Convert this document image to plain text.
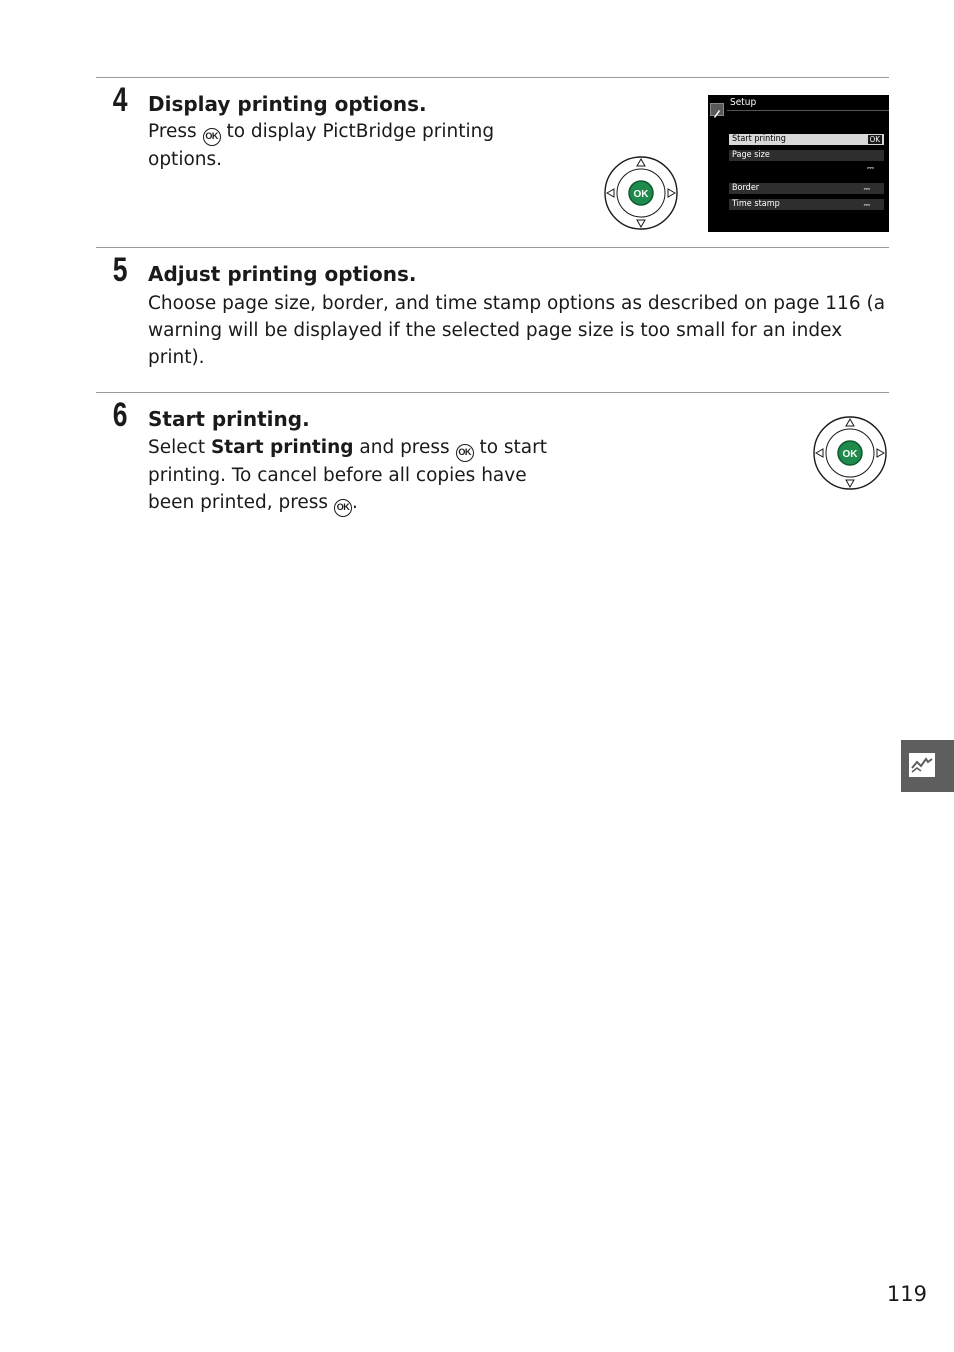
4 Display printing options.

Press OK to display PictBridge printing options.

OK
Setup
Start printing	OK
Page size
⎓
Border	⎓
Time stamp	⎓
5 Adjust printing options.

Choose page size, border, and time stamp options as described on page 116 (a warning will be displayed if the selected page size is too small for an index print).

6 Start printing.

Select Start printing and press OK to start printing. To cancel before all copies have been printed, press OK .

OK
119
